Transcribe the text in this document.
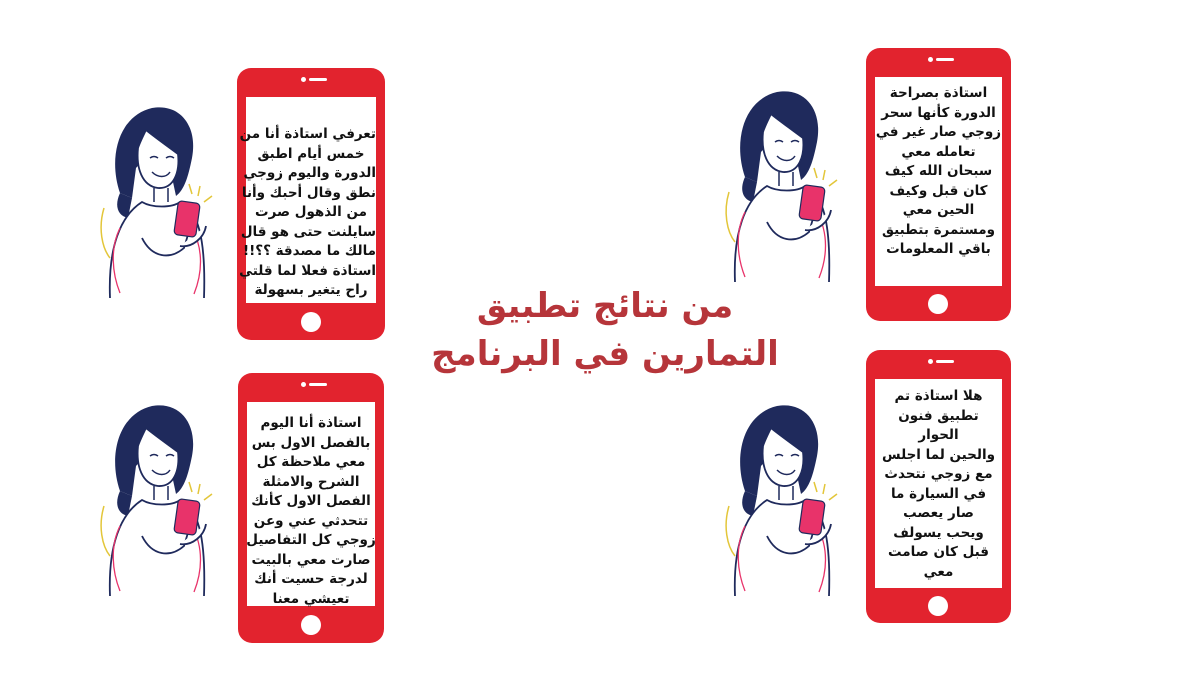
من نتائج تطبيق
التمارين في البرنامج
تعرفي استاذة أنا من
خمس أيام اطبق
الدورة واليوم زوجي
نطق وقال أحبك وأنا
من الذهول صرت
سايلنت حتى هو قال
مالك ما مصدقة ؟؟!!
استاذة فعلا لما قلتي
راح يتغير بسهولة
استاذة أنا اليوم
بالفصل الاول بس
معي ملاحظة كل
الشرح والامثلة
الفصل الاول كأنك
تتحدثي عني وعن
زوجي كل التفاصيل
صارت معي بالبيت
لدرجة حسيت أنك
تعيشي معنا
استاذة بصراحة
الدورة كأنها سحر
زوجي صار غير في
تعامله معي
سبحان الله كيف
كان قبل وكيف
الحين معي
ومستمرة بتطبيق
باقي المعلومات
هلا استاذة تم
تطبيق فنون
الحوار
والحين لما اجلس
مع زوجي نتحدث
في السيارة ما
صار يعصب
ويحب يسولف
قبل كان صامت
معي
